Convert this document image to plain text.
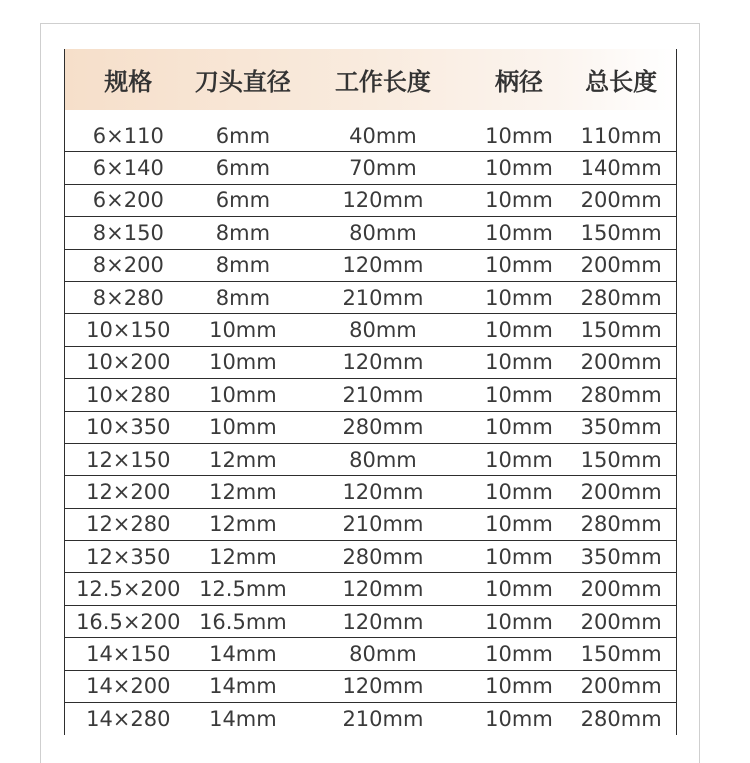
规格	刀头直径	工作长度	柄径	总长度
6×110	6mm	40mm	10mm	110mm
6×140	6mm	70mm	10mm	140mm
6×200	6mm	120mm	10mm	200mm
8×150	8mm	80mm	10mm	150mm
8×200	8mm	120mm	10mm	200mm
8×280	8mm	210mm	10mm	280mm
10×150	10mm	80mm	10mm	150mm
10×200	10mm	120mm	10mm	200mm
10×280	10mm	210mm	10mm	280mm
10×350	10mm	280mm	10mm	350mm
12×150	12mm	80mm	10mm	150mm
12×200	12mm	120mm	10mm	200mm
12×280	12mm	210mm	10mm	280mm
12×350	12mm	280mm	10mm	350mm
12.5×200 12.5mm	120mm	10mm	200mm
16.5×200 16.5mm	120mm	10mm	200mm
14×150	14mm	80mm	10mm	150mm
14×200	14mm	120mm	10mm	200mm
14×280	14mm	210mm	10mm	280mm
